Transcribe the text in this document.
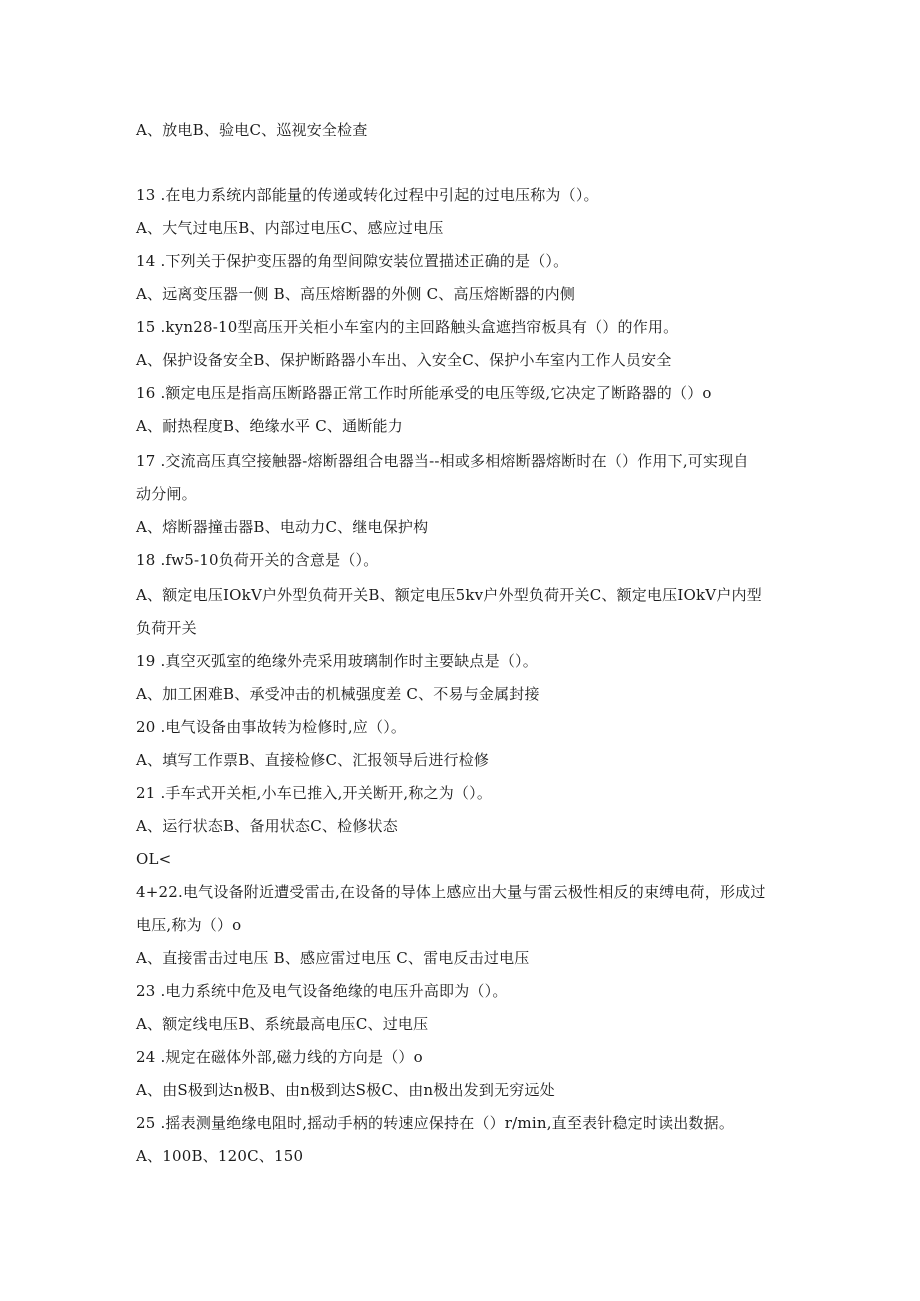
A、放电B、验电C、巡视安全检查
13 .在电力系统内部能量的传递或转化过程中引起的过电压称为（）。
A、大气过电压B、内部过电压C、感应过电压
14 .下列关于保护变压器的角型间隙安装位置描述正确的是（）。
A、远离变压器一侧 B、高压熔断器的外侧 C、高压熔断器的内侧
15 .kyn28-10型高压开关柜小车室内的主回路触头盒遮挡帘板具有（）的作用。
A、保护设备安全B、保护断路器小车出、入安全C、保护小车室内工作人员安全
16 .额定电压是指高压断路器正常工作时所能承受的电压等级,它决定了断路器的（）o
A、耐热程度B、绝缘水平 C、通断能力
17 .交流高压真空接触器-熔断器组合电器当--相或多相熔断器熔断时在（）作用下,可实现自
动分闸。
A、熔断器撞击器B、电动力C、继电保护构
18 .fw5-10负荷开关的含意是（）。
A、额定电压IOkV户外型负荷开关B、额定电压5kv户外型负荷开关C、额定电压IOkV户内型
负荷开关
19 .真空灭弧室的绝缘外壳采用玻璃制作时主要缺点是（）。
A、加工困难B、承受冲击的机械强度差 C、不易与金属封接
20 .电气设备由事故转为检修时,应（）。
A、填写工作票B、直接检修C、汇报领导后进行检修
21 .手车式开关柜,小车已推入,开关断开,称之为（）。
A、运行状态B、备用状态C、检修状态
OL<
4+22.电气设备附近遭受雷击,在设备的导体上感应出大量与雷云极性相反的束缚电荷，形成过
电压,称为（）o
A、直接雷击过电压 B、感应雷过电压 C、雷电反击过电压
23 .电力系统中危及电气设备绝缘的电压升高即为（）。
A、额定线电压B、系统最高电压C、过电压
24 .规定在磁体外部,磁力线的方向是（）o
A、由S极到达n极B、由n极到达S极C、由n极出发到无穷远处
25 .摇表测量绝缘电阻时,摇动手柄的转速应保持在（）r/min,直至表针稳定时读出数据。
A、100B、120C、150
